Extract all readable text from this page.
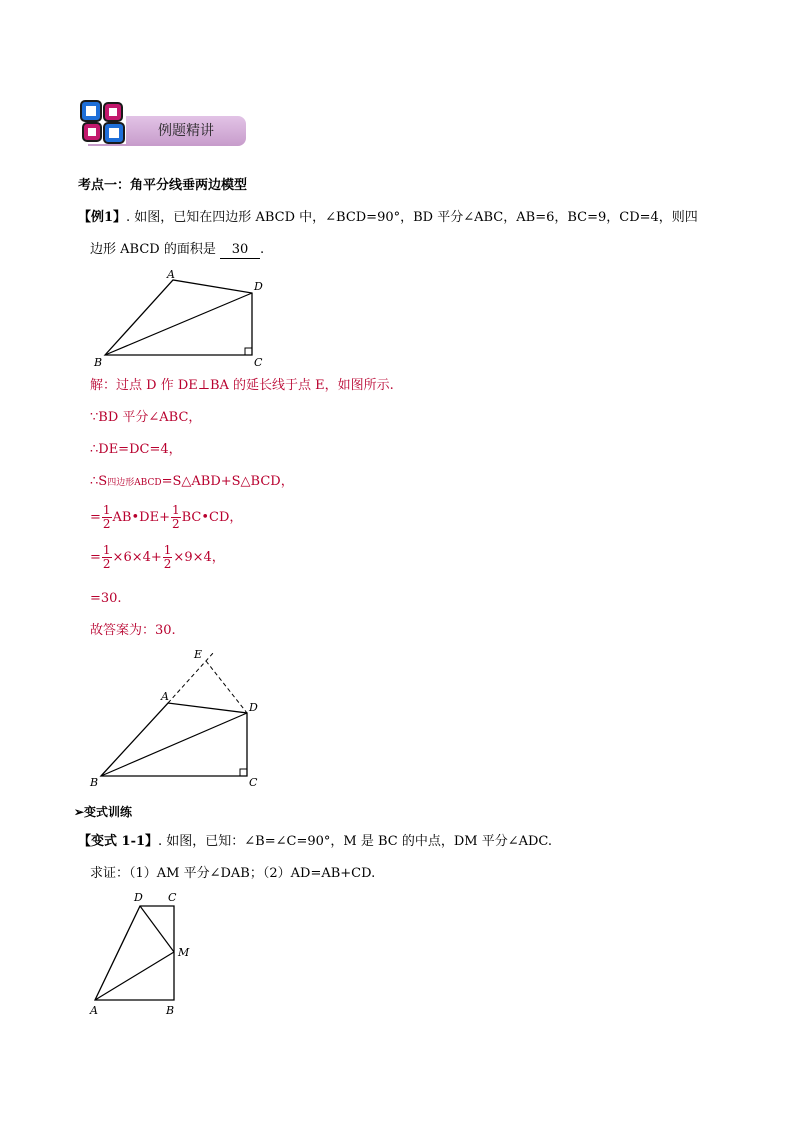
例题精讲
考点一：角平分线垂两边模型
【例1】. 如图，已知在四边形 ABCD 中，∠BCD=90°，BD 平分∠ABC，AB=6，BC=9，CD=4，则四
边形 ABCD 的面积是 30 .
A
D
B	C
解：过点 D 作 DE⊥BA 的延长线于点 E，如图所示.
∵BD 平分∠ABC，
∴DE=DC=4，
∴S四边形ABCD=S△ABD+S△BCD，
= $\frac{1}{2}$ AB•DE+ $\frac{1}{2}$ BC•CD，
= $\frac{1}{2} \times 6\times 4+ \frac{1}{2} \times 9\times 4$，
=30.
故答案为：30.
E
A
D
B	C
➢变式训练
【变式 1-1】. 如图，已知：∠B=∠C=90°，M 是 BC 的中点，DM 平分∠ADC.
求证：（1）AM 平分∠DAB；（2）AD=AB+CD.
D C
M
A	B
